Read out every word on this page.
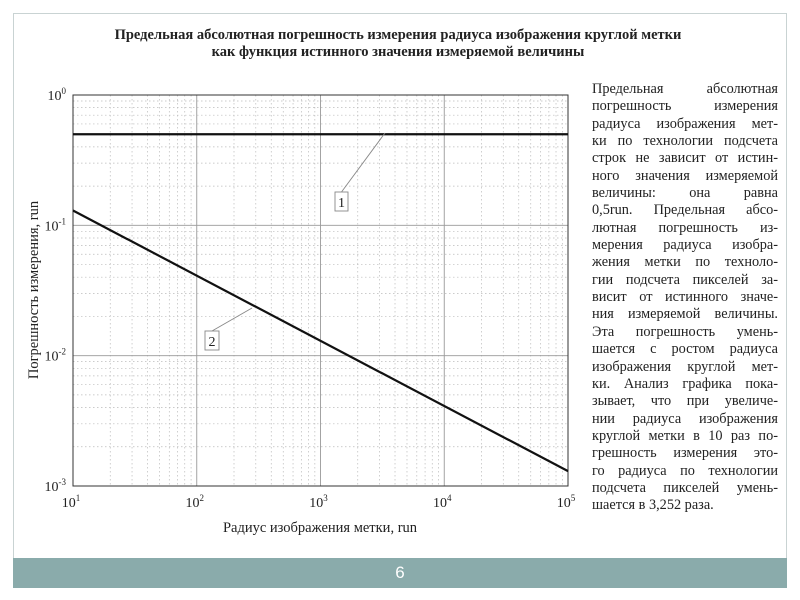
Предельная абсолютная погрешность измерения радиуса изображения круглой метки
как функция истинного значения измеряемой величины
1
2
$10^1$	$10^2$	$10^3$	$10^4$	$10^5$
$10^0$
$10^{-1}$
$10^{-2}$
$10^{-3}$
Радиус изображения метки, run
Погрешность измерения, run
Предельная абсолютная
погрешность измерения
радиуса изображения мет-
ки по технологии подсчета
строк не зависит от истин-
ного значения измеряемой
величины: она равна
0,5run. Предельная абсо-
лютная погрешность из-
мерения радиуса изобра-
жения метки по техноло-
гии подсчета пикселей за-
висит от истинного значе-
ния измеряемой величины.
Эта погрешность умень-
шается с ростом радиуса
изображения круглой мет-
ки. Анализ графика пока-
зывает, что при увеличе-
нии радиуса изображения
круглой метки в 10 раз по-
грешность измерения это-
го радиуса по технологии
подсчета пикселей умень-
шается в 3,252 раза.
6
